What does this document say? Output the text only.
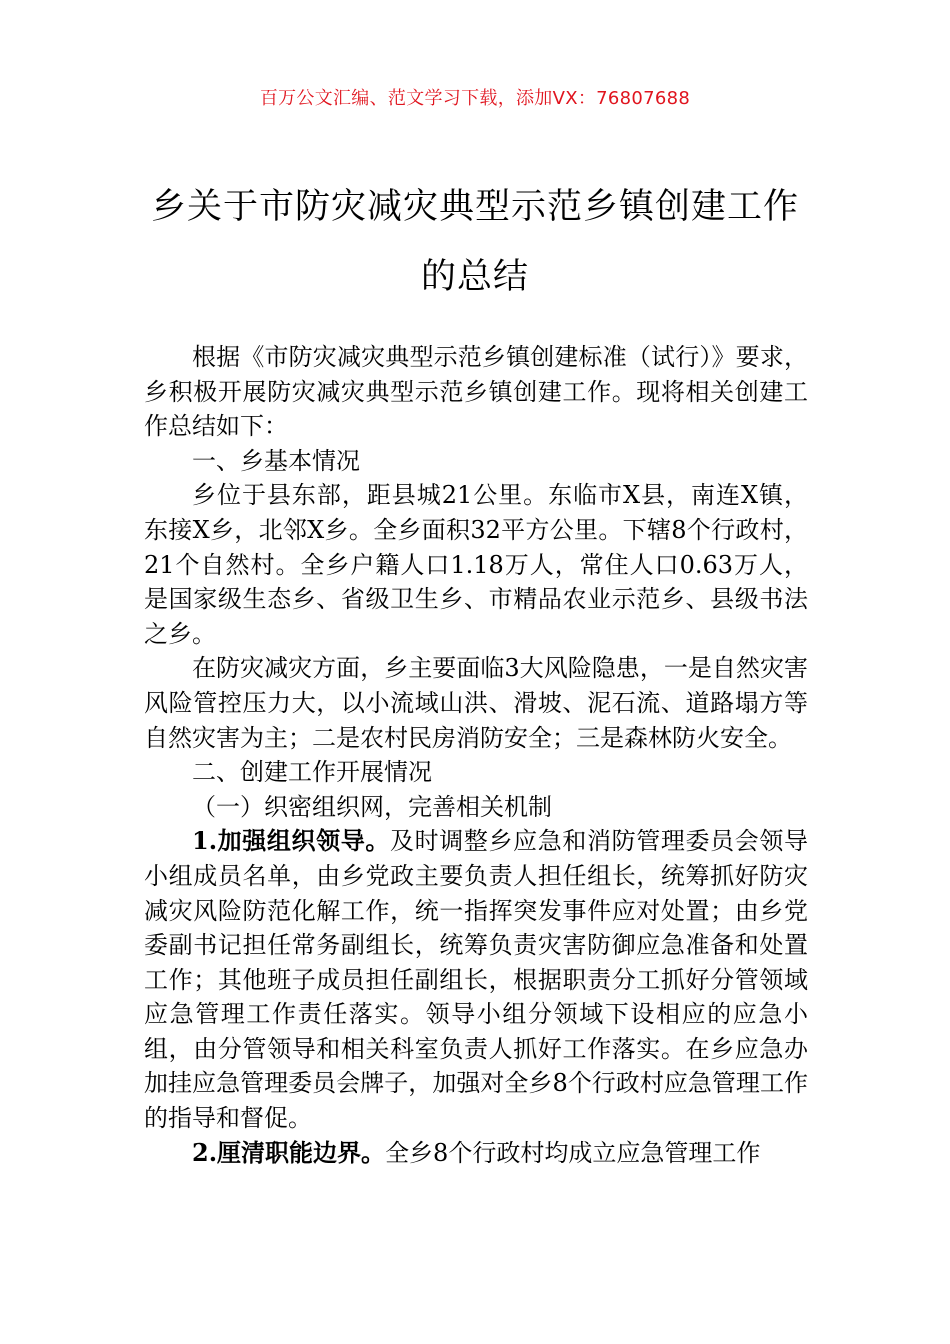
百万公文汇编、范文学习下载，添加VX：76807688
乡关于市防灾减灾典型示范乡镇创建工作
的总结

根据《市防灾减灾典型示范乡镇创建标准（试行）》要求，乡积极开展防灾减灾典型示范乡镇创建工作。现将相关创建工作总结如下：

一、乡基本情况

乡位于县东部，距县城21公里。东临市X县，南连X镇，东接X乡，北邻X乡。全乡面积32平方公里。下辖8个行政村，21个自然村。全乡户籍人口1.18万人，常住人口0.63万人，是国家级生态乡、省级卫生乡、市精品农业示范乡、县级书法之乡。

在防灾减灾方面，乡主要面临3大风险隐患，一是自然灾害风险管控压力大，以小流域山洪、滑坡、泥石流、道路塌方等自然灾害为主；二是农村民房消防安全；三是森林防火安全。

二、创建工作开展情况

（一）织密组织网，完善相关机制

1.加强组织领导。及时调整乡应急和消防管理委员会领导小组成员名单，由乡党政主要负责人担任组长，统筹抓好防灾减灾风险防范化解工作，统一指挥突发事件应对处置；由乡党委副书记担任常务副组长，统筹负责灾害防御应急准备和处置工作；其他班子成员担任副组长，根据职责分工抓好分管领域应急管理工作责任落实。领导小组分领域下设相应的应急小组，由分管领导和相关科室负责人抓好工作落实。在乡应急办加挂应急管理委员会牌子，加强对全乡8个行政村应急管理工作的指导和督促。

2.厘清职能边界。全乡8个行政村均成立应急管理工作
